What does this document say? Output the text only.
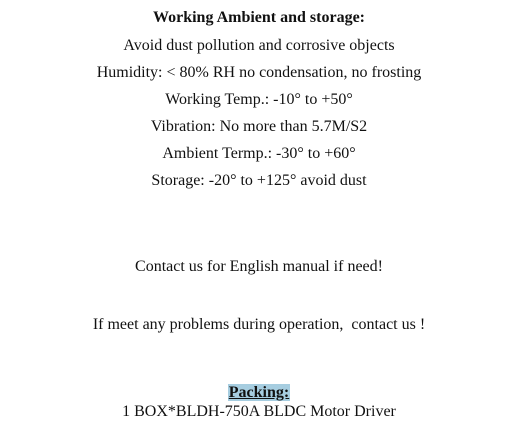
Working Ambient and storage:
Avoid dust pollution and corrosive objects
Humidity: < 80% RH no condensation, no frosting
Working Temp.: -10° to +50°
Vibration: No more than 5.7M/S2
Ambient Termp.: -30° to +60°
Storage: -20° to +125° avoid dust
Contact us for English manual if need!
If meet any problems during operation,  contact us !
Packing:
1 BOX*BLDH-750A BLDC Motor Driver
